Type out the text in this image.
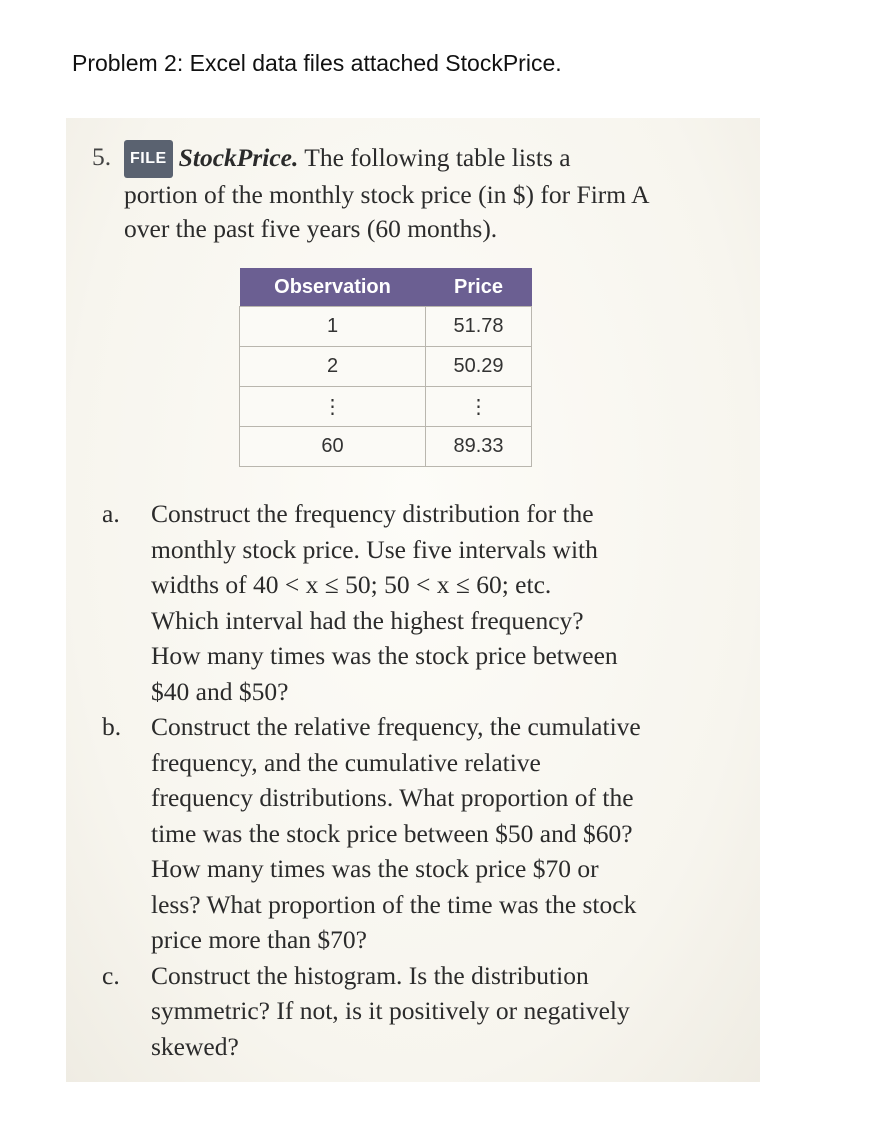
Problem 2: Excel data files attached StockPrice.
5.	FILE StockPrice. The following table lists a
portion of the monthly stock price (in $) for Firm A
over the past five years (60 months).
Observation	Price
1	51.78
2	50.29
⋮	⋮
60	89.33
a. Construct the frequency distribution for the
monthly stock price. Use five intervals with
widths of 40 < x ≤ 50; 50 < x ≤ 60; etc.
Which interval had the highest frequency?
How many times was the stock price between
$40 and $50?
b. Construct the relative frequency, the cumulative
frequency, and the cumulative relative
frequency distributions. What proportion of the
time was the stock price between $50 and $60?
How many times was the stock price $70 or
less? What proportion of the time was the stock
price more than $70?
c. Construct the histogram. Is the distribution
symmetric? If not, is it positively or negatively
skewed?
